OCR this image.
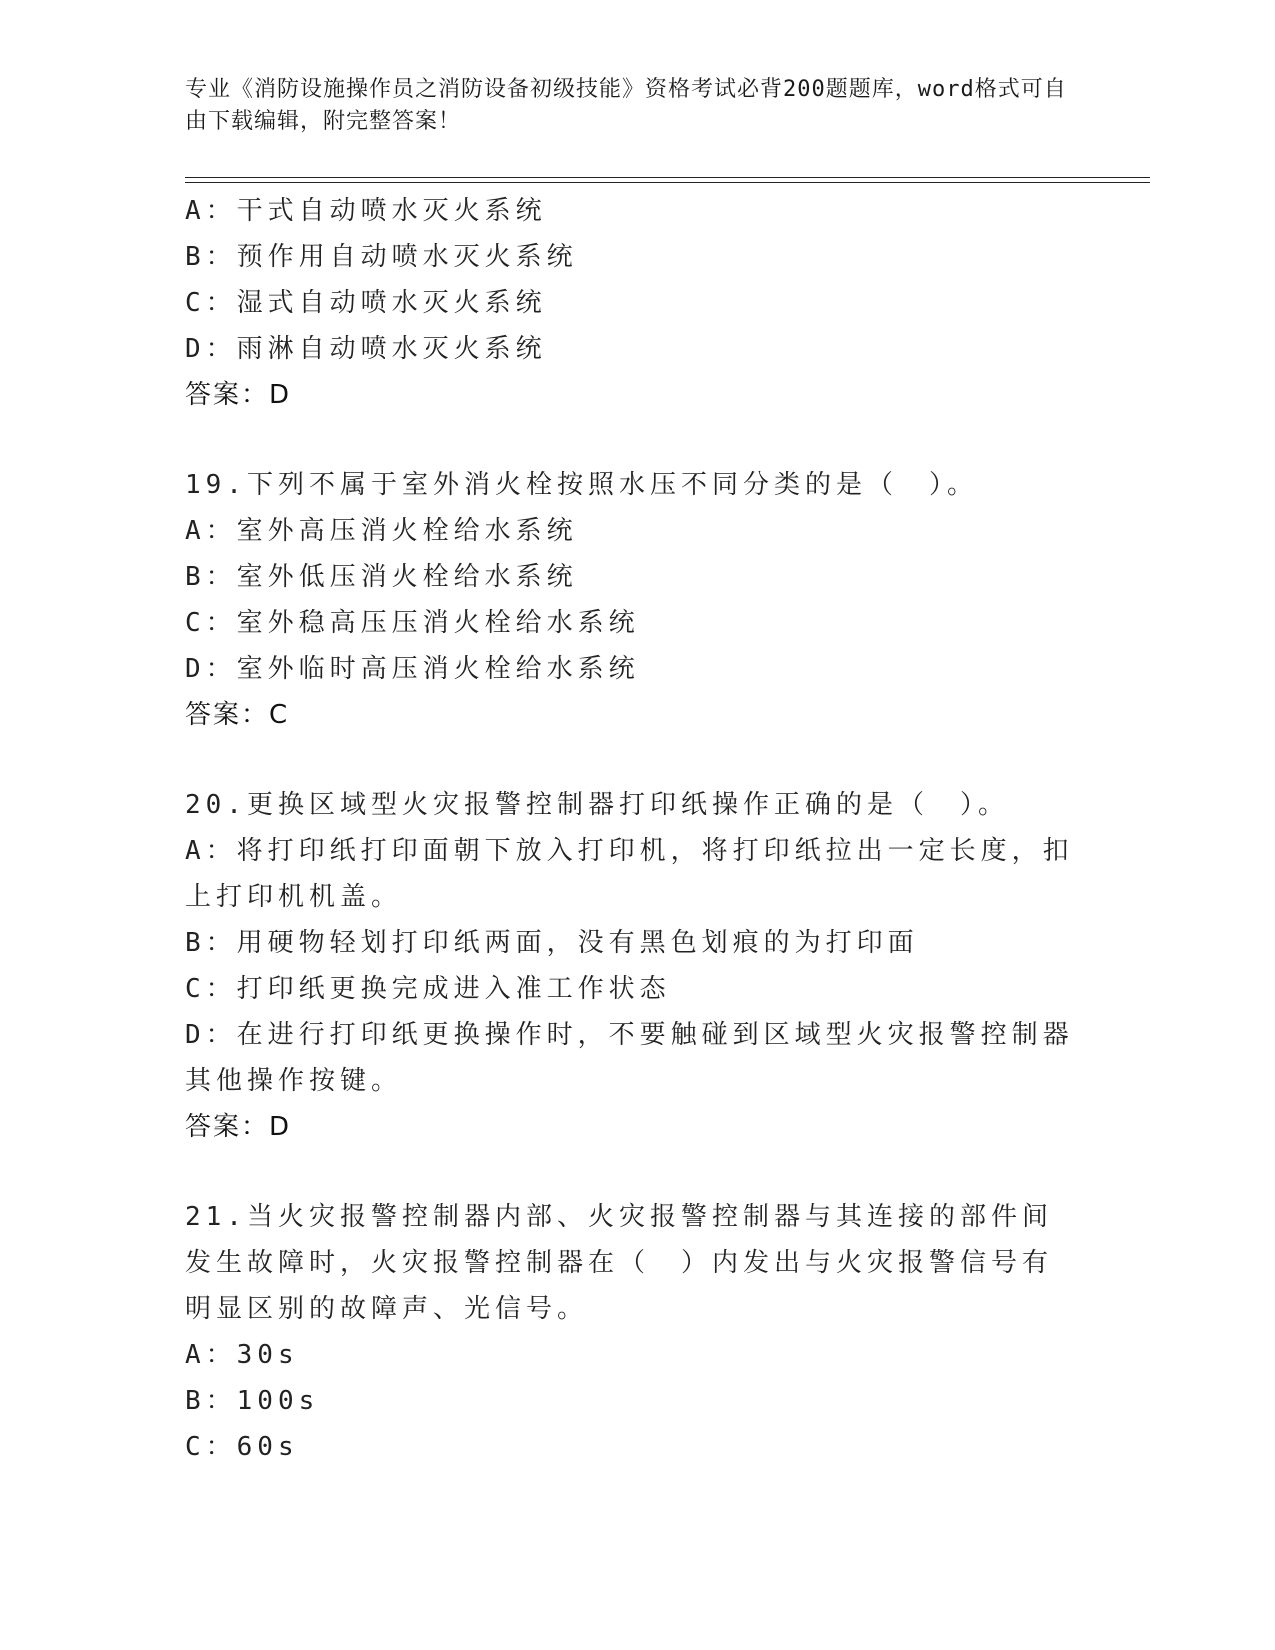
专业《消防设施操作员之消防设备初级技能》资格考试必背200题题库，word格式可自由下载编辑，附完整答案！
A：干式自动喷水灭火系统
B：预作用自动喷水灭火系统
C：湿式自动喷水灭火系统
D：雨淋自动喷水灭火系统
答案：D
19.下列不属于室外消火栓按照水压不同分类的是（　）。
A：室外高压消火栓给水系统
B：室外低压消火栓给水系统
C：室外稳高压压消火栓给水系统
D：室外临时高压消火栓给水系统
答案：C
20.更换区域型火灾报警控制器打印纸操作正确的是（　）。
A：将打印纸打印面朝下放入打印机，将打印纸拉出一定长度，扣上打印机机盖。
B：用硬物轻划打印纸两面，没有黑色划痕的为打印面
C：打印纸更换完成进入准工作状态
D：在进行打印纸更换操作时，不要触碰到区域型火灾报警控制器其他操作按键。
答案：D
21.当火灾报警控制器内部、火灾报警控制器与其连接的部件间发生故障时，火灾报警控制器在（　）内发出与火灾报警信号有明显区别的故障声、光信号。
A：30s
B：100s
C：60s
